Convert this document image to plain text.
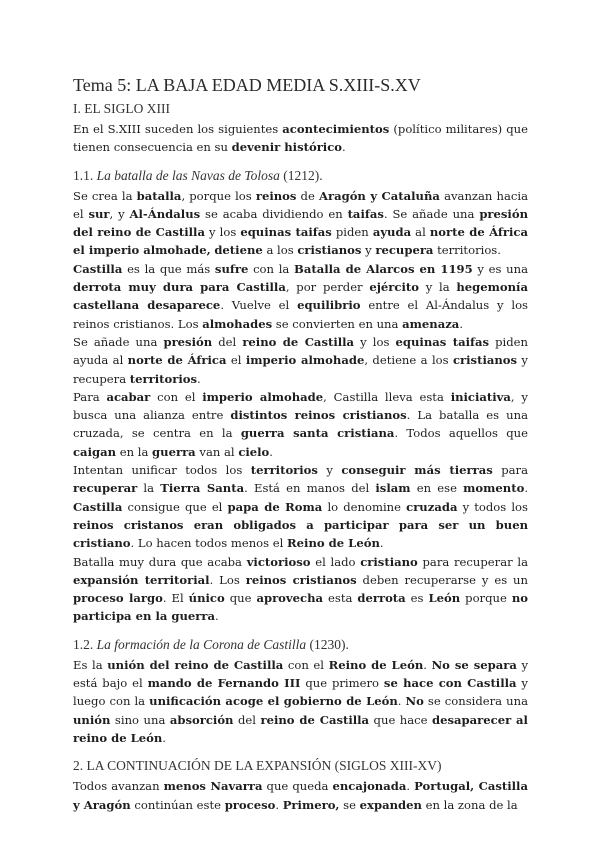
Tema 5: LA BAJA EDAD MEDIA S.XIII-S.XV
I. EL SIGLO XIII

En el S.XIII suceden los siguientes acontecimientos (político militares) que tienen consecuencia en su devenir histórico.

1.1. La batalla de las Navas de Tolosa (1212).

Se crea la batalla, porque los reinos de Aragón y Cataluña avanzan hacia el sur, y Al-Ándalus se acaba dividiendo en taifas. Se añade una presión del reino de Castilla y los equinas taifas piden ayuda al norte de África el imperio almohade, detiene a los cristianos y recupera territorios.

Castilla es la que más sufre con la Batalla de Alarcos en 1195 y es una derrota muy dura para Castilla, por perder ejército y la hegemonía castellana desaparece. Vuelve el equilibrio entre el Al-Ándalus y los reinos cristianos. Los almohades se convierten en una amenaza.

Se añade una presión del reino de Castilla y los equinas taifas piden ayuda al norte de África el imperio almohade, detiene a los cristianos y recupera territorios.

Para acabar con el imperio almohade, Castilla lleva esta iniciativa, y busca una alianza entre distintos reinos cristianos. La batalla es una cruzada, se centra en la guerra santa cristiana. Todos aquellos que caigan en la guerra van al cielo.

Intentan unificar todos los territorios y conseguir más tierras para recuperar la Tierra Santa. Está en manos del islam en ese momento. Castilla consigue que el papa de Roma lo denomine cruzada y todos los reinos cristanos eran obligados a participar para ser un buen cristiano. Lo hacen todos menos el Reino de León.

Batalla muy dura que acaba victorioso el lado cristiano para recuperar la expansión territorial. Los reinos cristianos deben recuperarse y es un proceso largo. El único que aprovecha esta derrota es León porque no participa en la guerra.

1.2. La formación de la Corona de Castilla (1230).

Es la unión del reino de Castilla con el Reino de León. No se separa y está bajo el mando de Fernando III que primero se hace con Castilla y luego con la unificación acoge el gobierno de León. No se considera una unión sino una absorción del reino de Castilla que hace desaparecer al reino de León.

2. LA CONTINUACIÓN DE LA EXPANSIÓN (SIGLOS XIII-XV)

Todos avanzan menos Navarra que queda encajonada. Portugal, Castilla y Aragón continúan este proceso. Primero, se expanden en la zona de la
